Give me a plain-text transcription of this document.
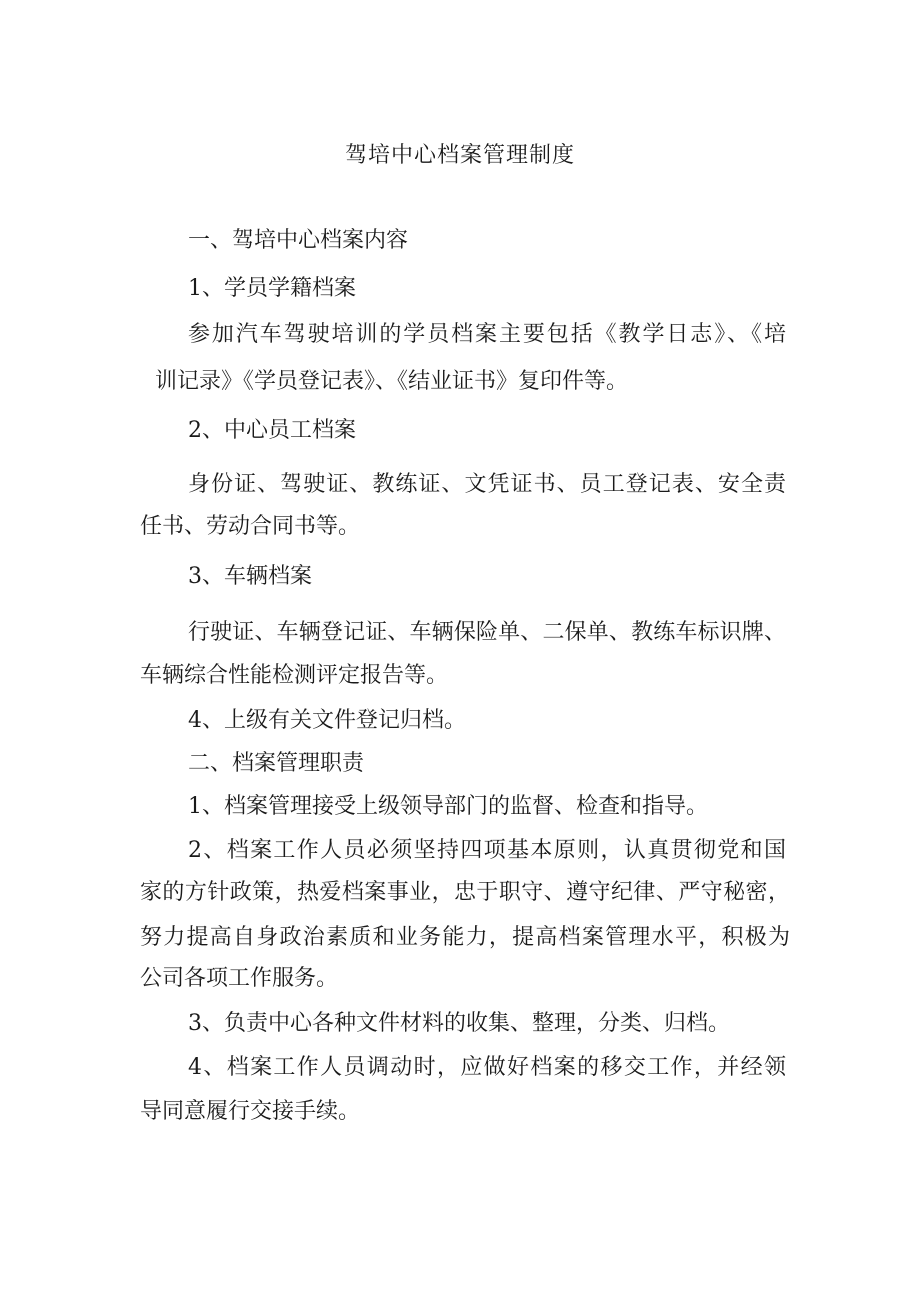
驾培中心档案管理制度
一、驾培中心档案内容
1、学员学籍档案
参加汽车驾驶培训的学员档案主要包括《教学日志》、《培
训记录》《学员登记表》、《结业证书》复印件等。
2、中心员工档案
身份证、驾驶证、教练证、文凭证书、员工登记表、安全责
任书、劳动合同书等。
3、车辆档案
行驶证、车辆登记证、车辆保险单、二保单、教练车标识牌、
车辆综合性能检测评定报告等。
4、上级有关文件登记归档。
二、档案管理职责
1、档案管理接受上级领导部门的监督、检查和指导。
2、档案工作人员必须坚持四项基本原则，认真贯彻党和国
家的方针政策，热爱档案事业，忠于职守、遵守纪律、严守秘密，
努力提高自身政治素质和业务能力，提高档案管理水平，积极为
公司各项工作服务。
3、负责中心各种文件材料的收集、整理，分类、归档。
4、档案工作人员调动时，应做好档案的移交工作，并经领
导同意履行交接手续。
